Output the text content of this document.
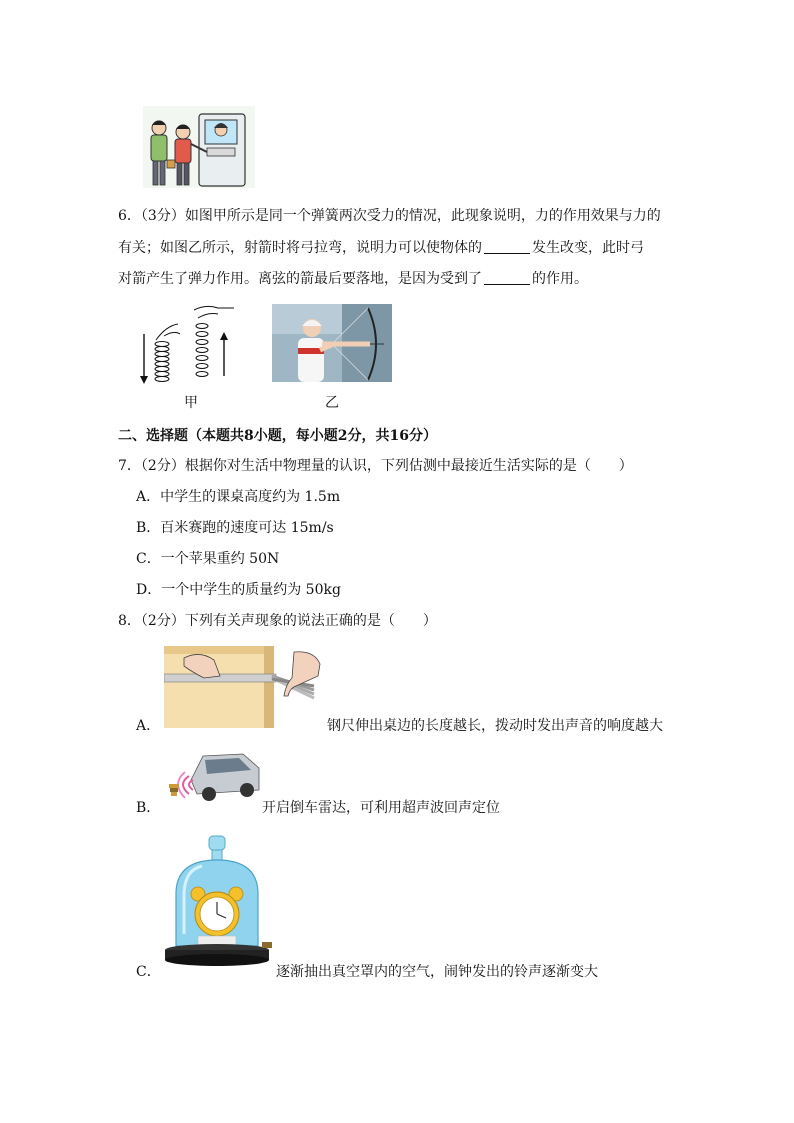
6．（3分）如图甲所示是同一个弹簧两次受力的情况，此现象说明，力的作用效果与力的
有关；如图乙所示，射箭时将弓拉弯，说明力可以使物体的	发生改变，此时弓
对箭产生了弹力作用。离弦的箭最后要落地，是因为受到了	的作用。
甲	乙
二、选择题（本题共8小题，每小题2分，共16分）
7．（2分）根据你对生活中物理量的认识，下列估测中最接近生活实际的是（　　）
A．中学生的课桌高度约为 1.5m
B．百米赛跑的速度可达 15m/s
C．一个苹果重约 50N
D．一个中学生的质量约为 50kg
8．（2分）下列有关声现象的说法正确的是（　　）
A．	钢尺伸出桌边的长度越长，拨动时发出声音的响度越大
B．	开启倒车雷达，可利用超声波回声定位
C．	逐渐抽出真空罩内的空气，闹钟发出的铃声逐渐变大
